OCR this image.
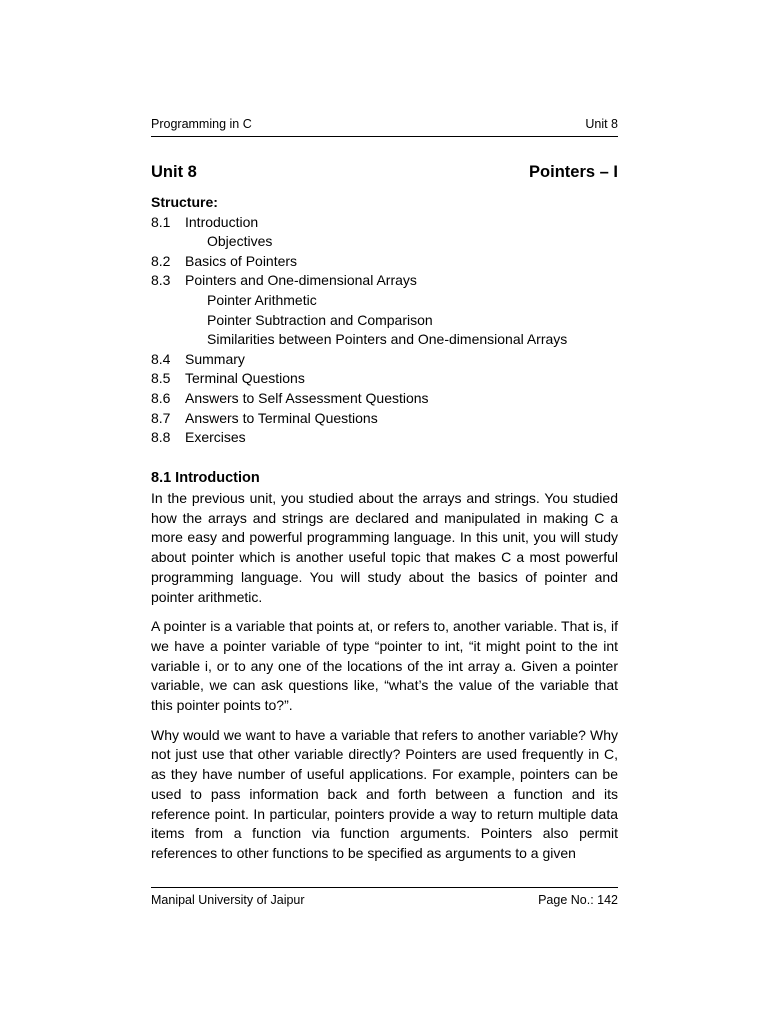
Programming in C	Unit 8
Unit 8	Pointers – I
Structure:
8.1	Introduction
Objectives
8.2	Basics of Pointers
8.3	Pointers and One-dimensional Arrays
Pointer Arithmetic
Pointer Subtraction and Comparison
Similarities between Pointers and One-dimensional Arrays
8.4	Summary
8.5	Terminal Questions
8.6	Answers to Self Assessment Questions
8.7	Answers to Terminal Questions
8.8	Exercises
8.1 Introduction

In the previous unit, you studied about the arrays and strings. You studied how the arrays and strings are declared and manipulated in making C a more easy and powerful programming language. In this unit, you will study about pointer which is another useful topic that makes C a most powerful programming language. You will study about the basics of pointer and pointer arithmetic.

A pointer is a variable that points at, or refers to, another variable. That is, if we have a pointer variable of type “pointer to int, “it might point to the int variable i, or to any one of the locations of the int array a. Given a pointer variable, we can ask questions like, “what’s the value of the variable that this pointer points to?”.

Why would we want to have a variable that refers to another variable? Why not just use that other variable directly? Pointers are used frequently in C, as they have number of useful applications. For example, pointers can be used to pass information back and forth between a function and its reference point. In particular, pointers provide a way to return multiple data items from a function via function arguments. Pointers also permit references to other functions to be specified as arguments to a given

Manipal University of Jaipur	Page No.: 142
